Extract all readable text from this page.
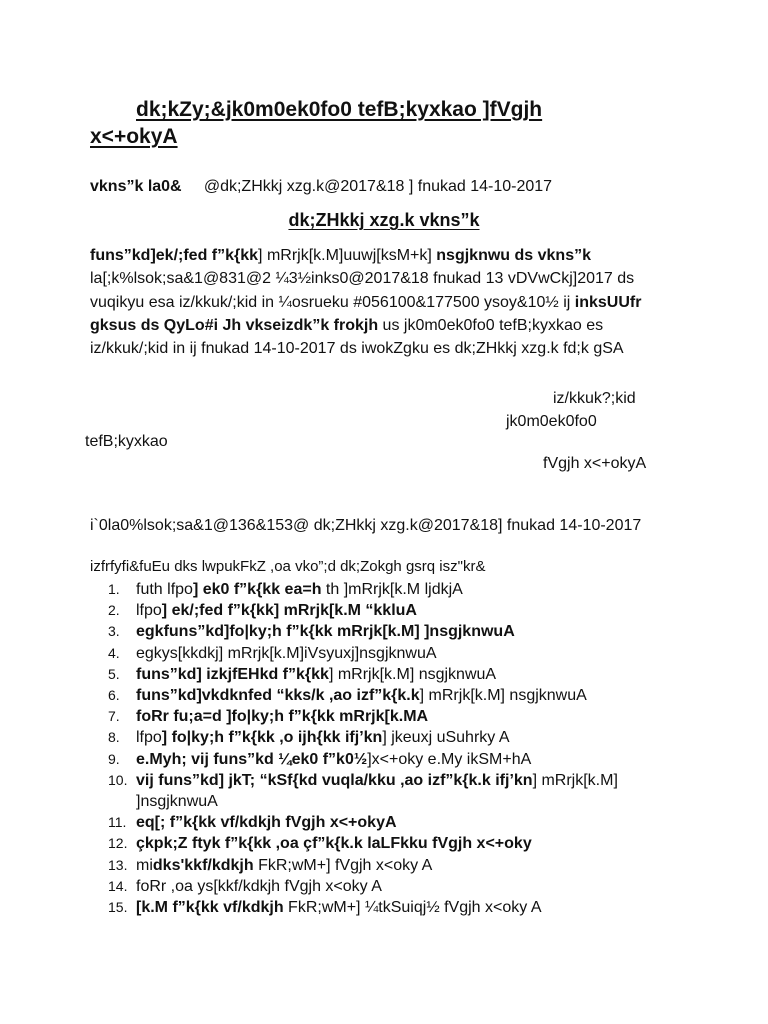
dk;kZy;&jk0m0ek0fo0 tefB;kyxkao ]fVgjh
x<+okyA
vkns”k la0& @dk;ZHkkj xzg.k@2017&18 ] fnukad 14-10-2017
dk;ZHkkj xzg.k vkns”k
funs”kd]ek/;fed f”k{kk] mRrjk[k.M]uuwj[ksM+k] nsgjknwu ds vkns”k la[;k%lsok;sa&1@831@2 ¼3½inks0@2017&18 fnukad 13 vDVwCkj]2017 ds vuqikyu esa iz/kkuk/;kid in ¼osrueku #056100&177500 ysoy&10½ ij inksUUfr gksus ds QyLo#i Jh vkseizdk”k frokjh us jk0m0ek0fo0 tefB;kyxkao es iz/kkuk/;kid in ij fnukad 14-10-2017 ds iwokZgku es dk;ZHkkj xzg.k fd;k gSA
iz/kkuk?;kid
jk0m0ek0fo0
tefB;kyxkao
fVgjh x<+okyA
i`0la0%lsok;sa&1@136&153@ dk;ZHkkj xzg.k@2017&18] fnukad 14-10-2017
izfrfyfi&fuEu dks lwpukFkZ ,oa vko”;d dk;Zokgh gsrq isz"kr&
1.	futh lfpo] ek0 f”k{kk ea=h th ]mRrjk[k.M ljdkjA
2.	lfpo] ek/;fed f”k{kk] mRrjk[k.M “kkluA
3.	egkfuns”kd]fo|ky;h f”k{kk mRrjk[k.M] ]nsgjknwuA
4.	egkys[kkdkj] mRrjk[k.M]iVsyuxj]nsgjknwuA
5.	funs”kd] izkjfEHkd f”k{kk] mRrjk[k.M] nsgjknwuA
6.	funs”kd]vkdknfed “kks/k ,ao izf”k{k.k] mRrjk[k.M] nsgjknwuA
7.	foRr fu;a=d ]fo|ky;h f”k{kk mRrjk[k.MA
8.	lfpo] fo|ky;h f”k{kk ,o ijh{kk ifj’kn] jkeuxj uSuhrky A
9.	e.Myh; vij funs”kd ¼ek0 f”k0½]x<+oky e.My ikSM+hA
10. vij funs”kd] jkT; “kSf{kd vuqla/kku ,ao izf”k{k.k ifj’kn] mRrjk[k.M] ]nsgjknwuA
11. eq[; f”k{kk vf/kdkjh fVgjh x<+okyA
12. çkpk;Z ftyk f”k{kk ,oa çf”k{k.k laLFkku fVgjh x<+oky
13. midks'kkf/kdkjh FkR;wM+] fVgjh x<oky A
14. foRr ,oa ys[kkf/kdkjh fVgjh x<oky A
15. [k.M f”k{kk vf/kdkjh FkR;wM+] ¼tkSuiqj½ fVgjh x<oky A
